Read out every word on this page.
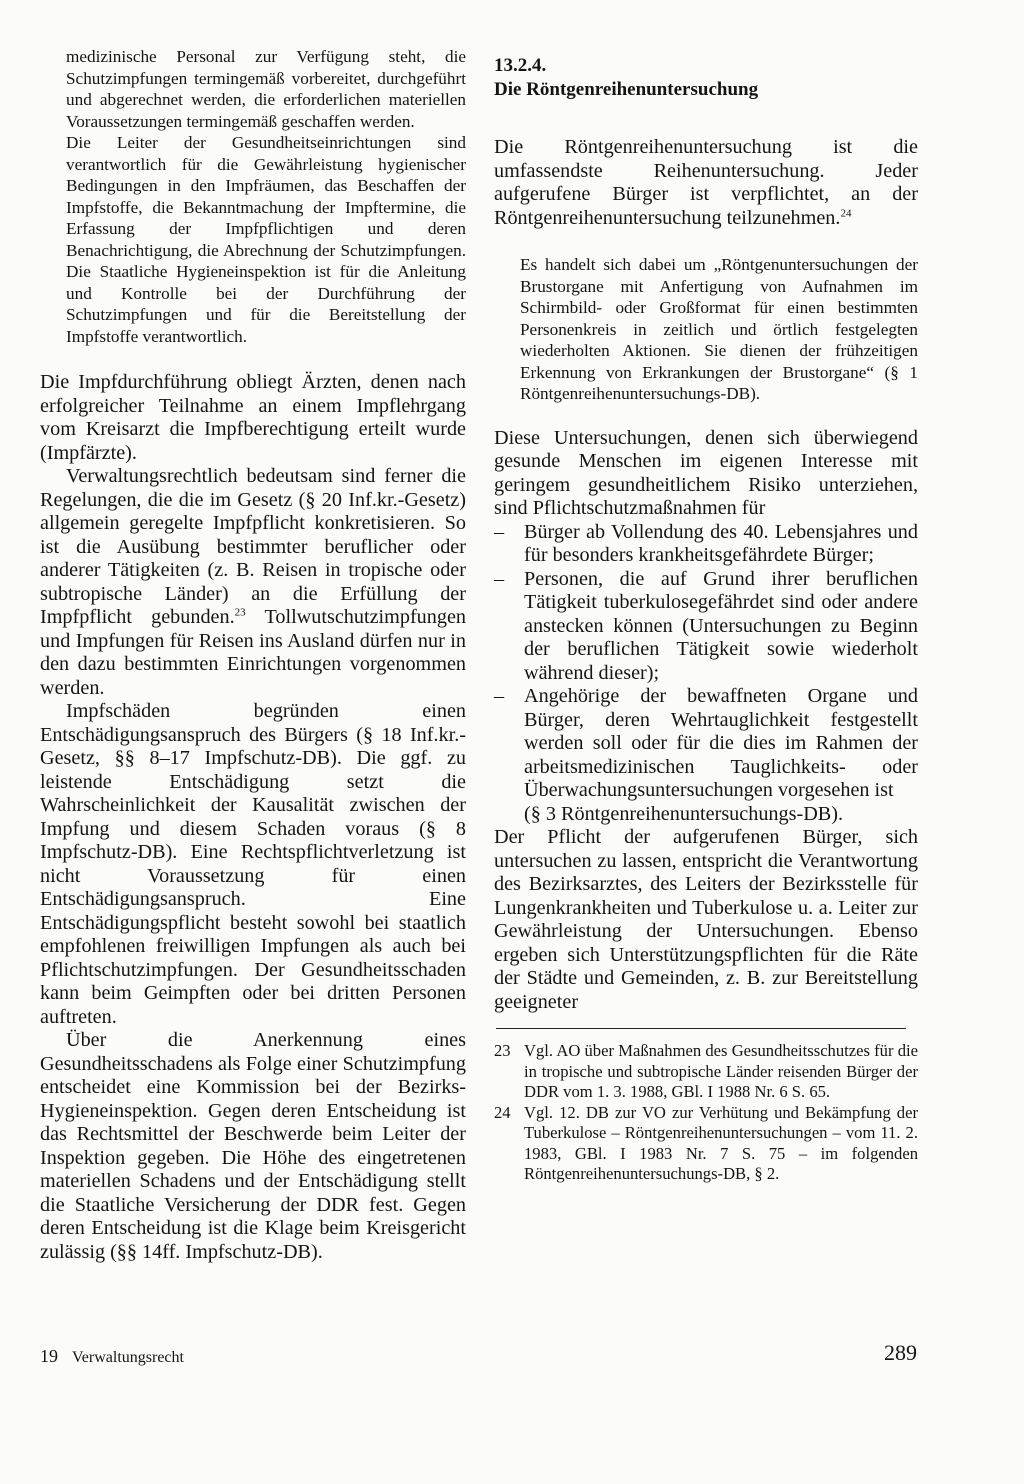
medizinische Personal zur Verfügung steht, die Schutzimpfungen termingemäß vorbereitet, durchgeführt und abgerechnet werden, die erforderlichen materiellen Voraussetzungen termingemäß geschaffen werden.

Die Leiter der Gesundheitseinrichtungen sind verantwortlich für die Gewährleistung hygienischer Bedingungen in den Impfräumen, das Beschaffen der Impfstoffe, die Bekanntmachung der Impftermine, die Erfassung der Impfpflichtigen und deren Benachrichtigung, die Abrechnung der Schutzimpfungen. Die Staatliche Hygieneinspektion ist für die Anleitung und Kontrolle bei der Durchführung der Schutzimpfungen und für die Bereitstellung der Impfstoffe verantwortlich.

Die Impfdurchführung obliegt Ärzten, denen nach erfolgreicher Teilnahme an einem Impflehrgang vom Kreisarzt die Impfberechtigung erteilt wurde (Impfärzte).

Verwaltungsrechtlich bedeutsam sind ferner die Regelungen, die die im Gesetz (§ 20 Inf.kr.-Gesetz) allgemein geregelte Impfpflicht konkretisieren. So ist die Ausübung bestimmter beruflicher oder anderer Tätigkeiten (z. B. Reisen in tropische oder subtropische Länder) an die Erfüllung der Impfpflicht gebunden.$^{23}$ Tollwutschutzimpfungen und Impfungen für Reisen ins Ausland dürfen nur in den dazu bestimmten Einrichtungen vorgenommen werden.

Impfschäden begründen einen Entschädigungsanspruch des Bürgers (§ 18 Inf.kr.-Gesetz, §§ 8–17 Impfschutz-DB). Die ggf. zu leistende Entschädigung setzt die Wahrscheinlichkeit der Kausalität zwischen der Impfung und diesem Schaden voraus (§ 8 Impfschutz-DB). Eine Rechtspflichtverletzung ist nicht Voraussetzung für einen Entschädigungsanspruch. Eine Entschädigungspflicht besteht sowohl bei staatlich empfohlenen freiwilligen Impfungen als auch bei Pflichtschutzimpfungen. Der Gesundheitsschaden kann beim Geimpften oder bei dritten Personen auftreten.

Über die Anerkennung eines Gesundheitsschadens als Folge einer Schutzimpfung entscheidet eine Kommission bei der Bezirks-Hygieneinspektion. Gegen deren Entscheidung ist das Rechtsmittel der Beschwerde beim Leiter der Inspektion gegeben. Die Höhe des eingetretenen materiellen Schadens und der Entschädigung stellt die Staatliche Versicherung der DDR fest. Gegen deren Entscheidung ist die Klage beim Kreisgericht zulässig (§§ 14ff. Impfschutz-DB).

13.2.4.
Die Röntgenreihenuntersuchung

Die Röntgenreihenuntersuchung ist die umfassendste Reihenuntersuchung. Jeder aufgerufene Bürger ist verpflichtet, an der Röntgenreihenuntersuchung teilzunehmen.$^{24}$

Es handelt sich dabei um „Röntgenuntersuchungen der Brustorgane mit Anfertigung von Aufnahmen im Schirmbild- oder Großformat für einen bestimmten Personenkreis in zeitlich und örtlich festgelegten wiederholten Aktionen. Sie dienen der frühzeitigen Erkennung von Erkrankungen der Brustorgane“ (§ 1 Röntgenreihenuntersuchungs-DB).

Diese Untersuchungen, denen sich überwiegend gesunde Menschen im eigenen Interesse mit geringem gesundheitlichem Risiko unterziehen, sind Pflichtschutzmaßnahmen für

– Bürger ab Vollendung des 40. Lebensjahres und für besonders krankheitsgefährdete Bürger;
– Personen, die auf Grund ihrer beruflichen Tätigkeit tuberkulosegefährdet sind oder andere anstecken können (Untersuchungen zu Beginn der beruflichen Tätigkeit sowie wiederholt während dieser);
– Angehörige der bewaffneten Organe und Bürger, deren Wehrtauglichkeit festgestellt werden soll oder für die dies im Rahmen der arbeitsmedizinischen Tauglichkeits- oder Überwachungsuntersuchungen vorgesehen ist

(§ 3 Röntgenreihenuntersuchungs-DB).

Der Pflicht der aufgerufenen Bürger, sich untersuchen zu lassen, entspricht die Verantwortung des Bezirksarztes, des Leiters der Bezirksstelle für Lungenkrankheiten und Tuberkulose u. a. Leiter zur Gewährleistung der Untersuchungen. Ebenso ergeben sich Unterstützungspflichten für die Räte der Städte und Gemeinden, z. B. zur Bereitstellung geeigneter

23 Vgl. AO über Maßnahmen des Gesundheitsschutzes für die in tropische und subtropische Länder reisenden Bürger der DDR vom 1. 3. 1988, GBl. I 1988 Nr. 6 S. 65.
24 Vgl. 12. DB zur VO zur Verhütung und Bekämpfung der Tuberkulose – Röntgenreihenuntersuchungen – vom 11. 2. 1983, GBl. I 1983 Nr. 7 S. 75 – im folgenden Röntgenreihenuntersuchungs-DB, § 2.
19 Verwaltungsrecht	289
